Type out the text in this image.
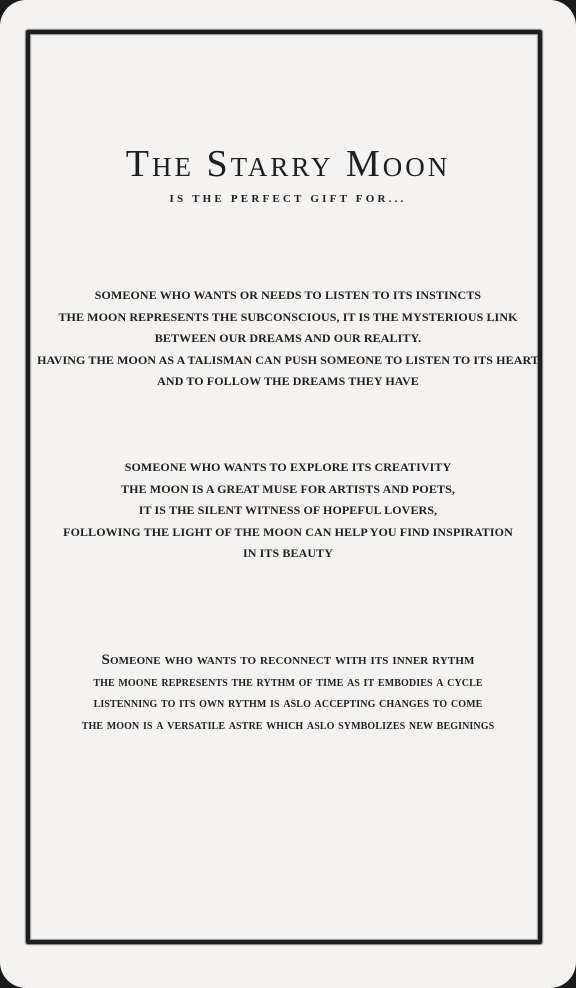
The Starry Moon

IS THE PERFECT GIFT FOR...

SOMEONE WHO WANTS OR NEEDS TO LISTEN TO ITS INSTINCTS
THE MOON REPRESENTS THE SUBCONSCIOUS, IT IS THE MYSTERIOUS LINK
BETWEEN OUR DREAMS AND OUR REALITY.
HAVING THE MOON AS A TALISMAN CAN PUSH SOMEONE TO LISTEN TO ITS HEART
AND TO FOLLOW THE DREAMS THEY HAVE
SOMEONE WHO WANTS TO EXPLORE ITS CREATIVITY
THE MOON IS A GREAT MUSE FOR ARTISTS AND POETS,
IT IS THE SILENT WITNESS OF HOPEFUL LOVERS,
FOLLOWING THE LIGHT OF THE MOON CAN HELP YOU FIND INSPIRATION
IN ITS BEAUTY
Someone who wants to reconnect with its inner rythm
the moone represents the rythm of time as it embodies a cycle
listenning to its own rythm is aslo accepting changes to come
the moon is a versatile astre which aslo symbolizes new beginings
